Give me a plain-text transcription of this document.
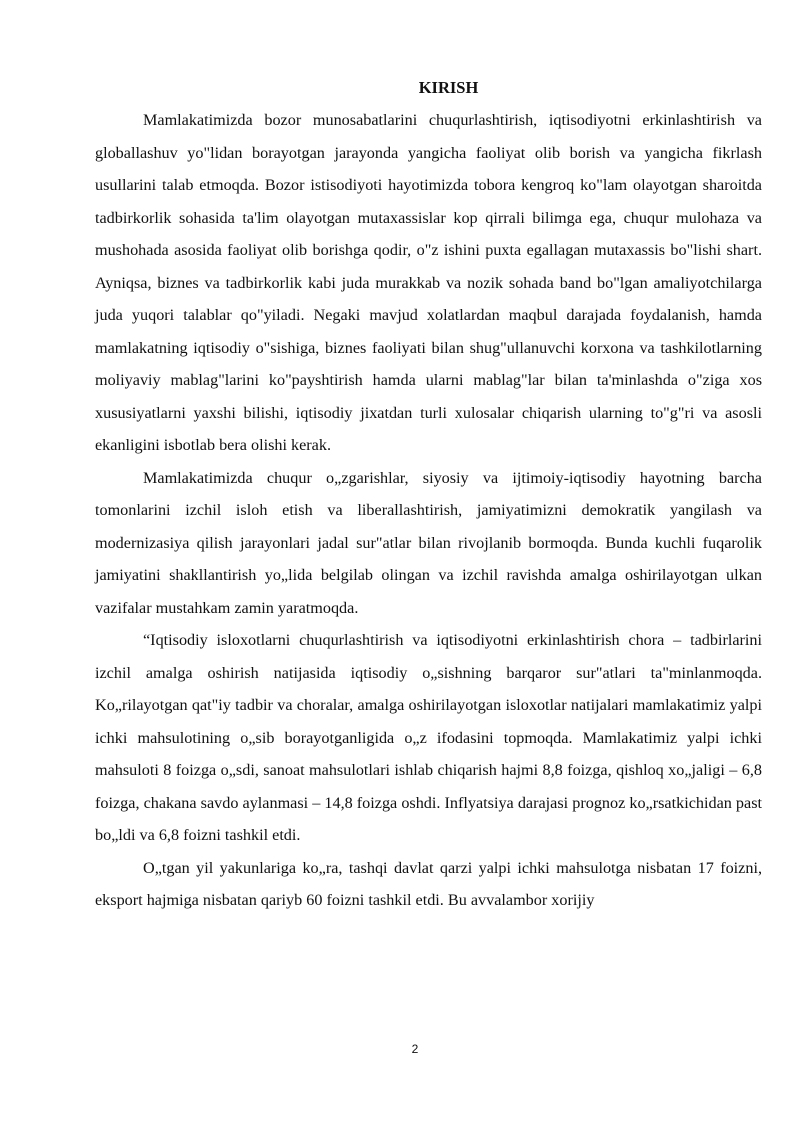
KIRISH

Mamlakatimizda bozor munosabatlarini chuqurlashtirish, iqtisodiyotni erkinlashtirish va globallashuv yo"lidan borayotgan jarayonda yangicha faoliyat olib borish va yangicha fikrlash usullarini talab etmoqda. Bozor istisodiyoti hayotimizda tobora kengroq ko"lam olayotgan sharoitda tadbirkorlik sohasida ta'lim olayotgan mutaxassislar kop qirrali bilimga ega, chuqur mulohaza va mushohada asosida faoliyat olib borishga qodir, o"z ishini puxta egallagan mutaxassis bo"lishi shart. Ayniqsa, biznes va tadbirkorlik kabi juda murakkab va nozik sohada band bo"lgan amaliyotchilarga juda yuqori talablar qo"yiladi. Negaki mavjud xolatlardan maqbul darajada foydalanish, hamda mamlakatning iqtisodiy o"sishiga, biznes faoliyati bilan shug"ullanuvchi korxona va tashkilotlarning moliyaviy mablag"larini ko"payshtirish hamda ularni mablag"lar bilan ta'minlashda o"ziga xos xususiyatlarni yaxshi bilishi, iqtisodiy jixatdan turli xulosalar chiqarish ularning to"g"ri va asosli ekanligini isbotlab bera olishi kerak.

Mamlakatimizda chuqur o„zgarishlar, siyosiy va ijtimoiy-iqtisodiy hayotning barcha tomonlarini izchil isloh etish va liberallashtirish, jamiyatimizni demokratik yangilash va modernizasiya qilish jarayonlari jadal sur"atlar bilan rivojlanib bormoqda. Bunda kuchli fuqarolik jamiyatini shakllantirish yo„lida belgilab olingan va izchil ravishda amalga oshirilayotgan ulkan vazifalar mustahkam zamin yaratmoqda.

“Iqtisodiy isloxotlarni chuqurlashtirish va iqtisodiyotni erkinlashtirish chora – tadbirlarini izchil amalga oshirish natijasida iqtisodiy o„sishning barqaror sur"atlari ta"minlanmoqda. Ko„rilayotgan qat"iy tadbir va choralar, amalga oshirilayotgan isloxotlar natijalari mamlakatimiz yalpi ichki mahsulotining o„sib borayotganligida o„z ifodasini topmoqda. Mamlakatimiz yalpi ichki mahsuloti 8 foizga o„sdi, sanoat mahsulotlari ishlab chiqarish hajmi 8,8 foizga, qishloq xo„jaligi – 6,8 foizga, chakana savdo aylanmasi – 14,8 foizga oshdi. Inflyatsiya darajasi prognoz ko„rsatkichidan past bo„ldi va 6,8 foizni tashkil etdi.

O„tgan yil yakunlariga ko„ra, tashqi davlat qarzi yalpi ichki mahsulotga nisbatan 17 foizni, eksport hajmiga nisbatan qariyb 60 foizni tashkil etdi. Bu avvalambor xorijiy

2
